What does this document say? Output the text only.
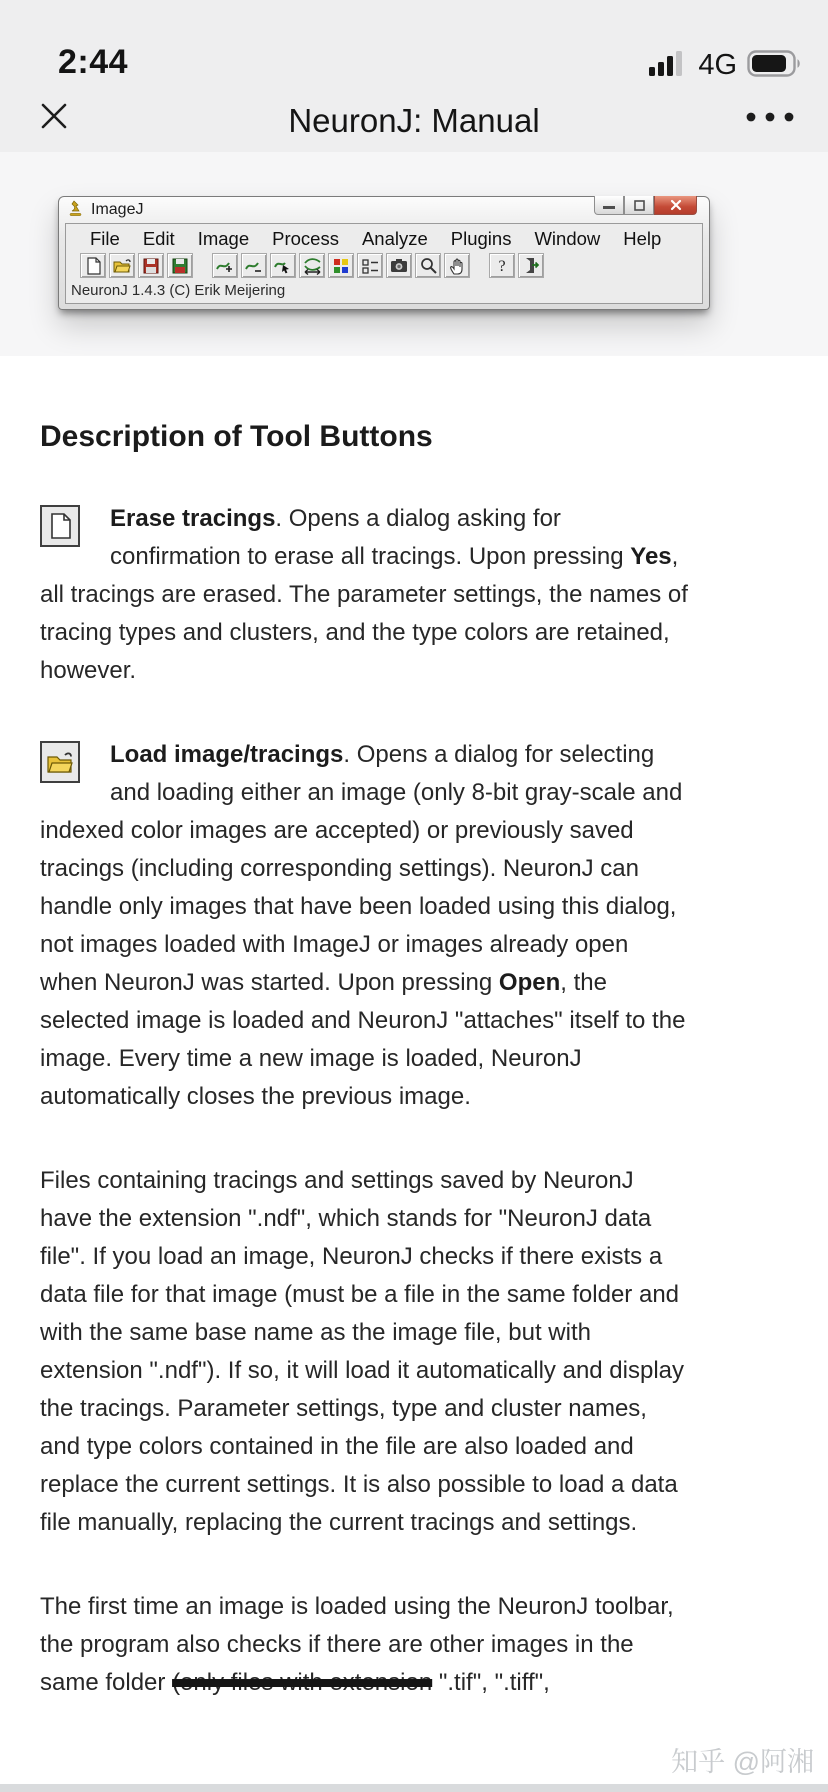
2:44	4G
NeuronJ: Manual
ImageJ
File Edit Image Process Analyze Plugins Window Help
?
NeuronJ 1.4.3 (C) Erik Meijering
Description of Tool Buttons

Erase tracings. Opens a dialog asking for confirmation to erase all tracings. Upon pressing Yes, all tracings are erased. The parameter settings, the names of tracing types and clusters, and the type colors are retained, however.

Load image/tracings. Opens a dialog for selecting and loading either an image (only 8-bit gray-scale and indexed color images are accepted) or previously saved tracings (including corresponding settings). NeuronJ can handle only images that have been loaded using this dialog, not images loaded with ImageJ or images already open when NeuronJ was started. Upon pressing Open, the selected image is loaded and NeuronJ "attaches" itself to the image. Every time a new image is loaded, NeuronJ automatically closes the previous image.

Files containing tracings and settings saved by NeuronJ have the extension ".ndf", which stands for "NeuronJ data file". If you load an image, NeuronJ checks if there exists a data file for that image (must be a file in the same folder and with the same base name as the image file, but with extension ".ndf"). If so, it will load it automatically and display the tracings. Parameter settings, type and cluster names, and type colors contained in the file are also loaded and replace the current settings. It is also possible to load a data file manually, replacing the current tracings and settings.

The first time an image is loaded using the NeuronJ toolbar, the program also checks if there are other images in the same folder (only files with extension ".tif", ".tiff",

知乎 @阿湘
